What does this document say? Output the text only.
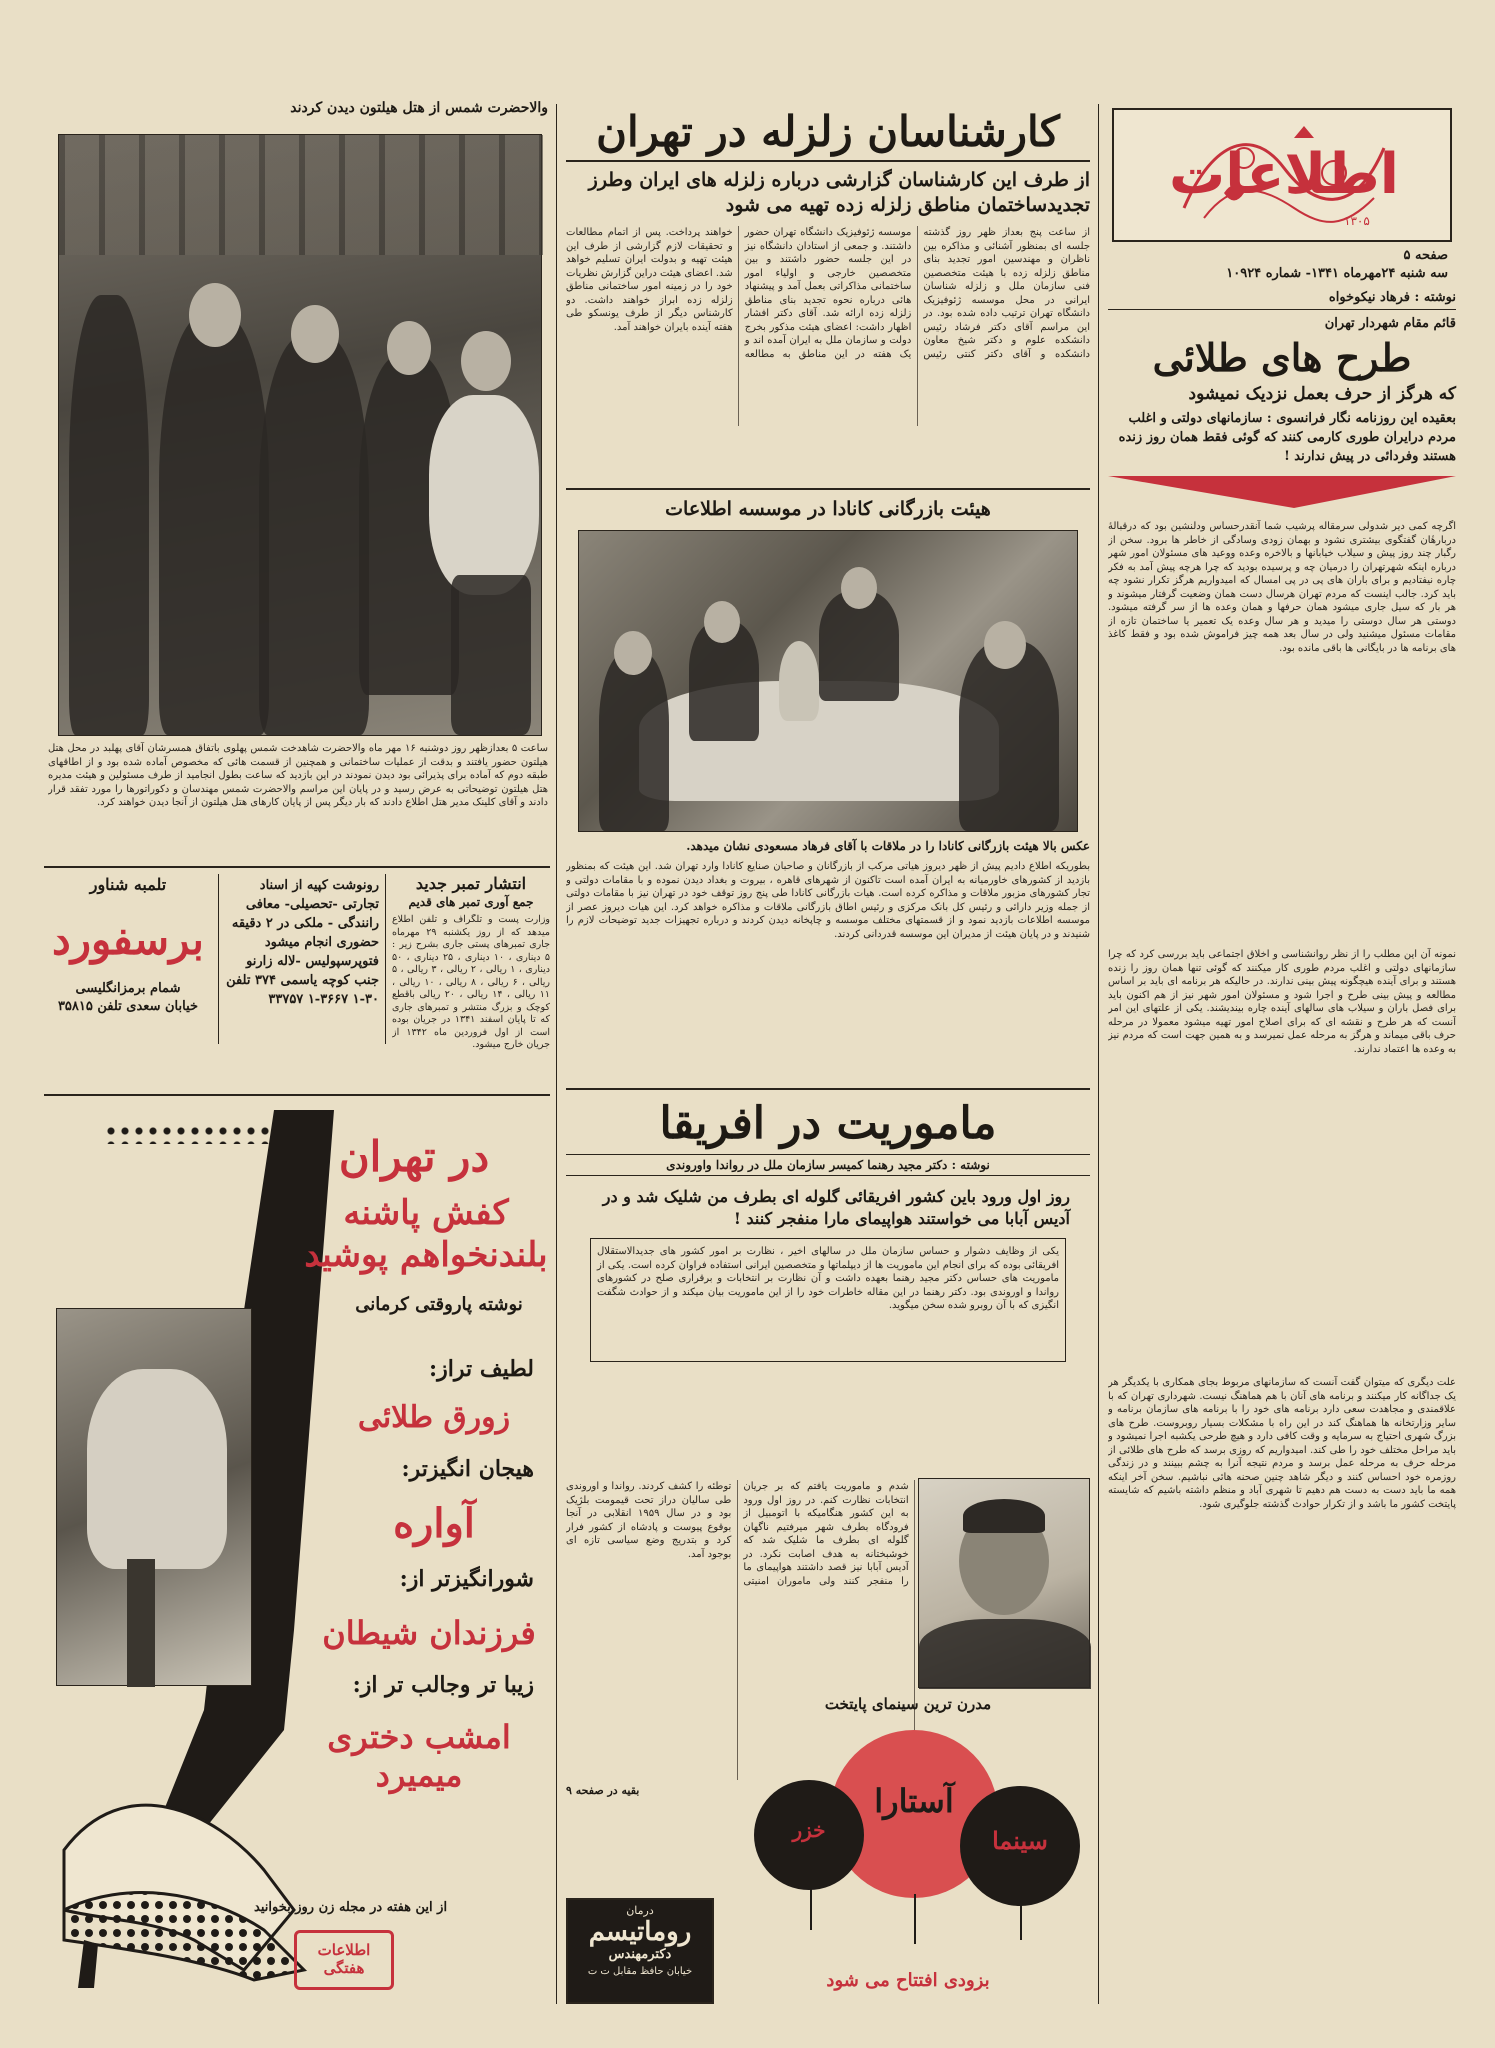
اطلاعات
۱۳۰۵
صفحه ۵
سه شنبه ۲۴مهرماه ۱۳۴۱- شماره ۱۰۹۲۴
نوشته : فرهاد نیکوخواه
قائم مقام شهردار تهران
طرح های طلائی
که هرگز از حرف بعمل نزدیک نمیشود
بعقیده این روزنامه نگار فرانسوی : سازمانهای دولتی و اغلب مردم درایران طوری کارمی کنند که گوئی فقط همان روز زنده هستند وفردائی در پیش ندارند !
اگرچه کمی دیر شدولی سرمقاله پرشیب شما آنقدرحساس ودلنشین بود که درقبالهٔ دربارهٔان گفتگوی بیشتری نشود و بهمان زودی وسادگی از خاطر ها برود. سخن از رگبار چند روز پیش و سیلاب خیابانها و بالاخره وعده ووعید های مسئولان امور شهر درباره اینکه شهرتهران را درمیان چه و پرسیده بودید که چرا هرچه پیش آمد به فکر چاره نیفتادیم و برای باران های پی در پی امسال که امیدواریم هرگز تکرار نشود چه باید کرد. جالب اینست که مردم تهران هرسال دست همان وضعیت گرفتار میشوند و هر بار که سیل جاری میشود همان حرفها و همان وعده ها از سر گرفته میشود. دوستی هر سال دوستی را میدید و هر سال وعده یک تعمیر یا ساختمان تازه از مقامات مسئول میشنید ولی در سال بعد همه چیز فراموش شده بود و فقط کاغذ های برنامه ها در بایگانی ها باقی مانده بود.
نمونه آن این مطلب را از نظر روانشناسی و اخلاق اجتماعی باید بررسی کرد که چرا سازمانهای دولتی و اغلب مردم طوری کار میکنند که گوئی تنها همان روز را زنده هستند و برای آینده هیچگونه پیش بینی ندارند. در حالیکه هر برنامه ای باید بر اساس مطالعه و پیش بینی طرح و اجرا شود و مسئولان امور شهر نیز از هم اکنون باید برای فصل باران و سیلاب های سالهای آینده چاره بیندیشند. یکی از علتهای این امر آنست که هر طرح و نقشه ای که برای اصلاح امور تهیه میشود معمولا در مرحله حرف باقی میماند و هرگز به مرحله عمل نمیرسد و به همین جهت است که مردم نیز به وعده ها اعتماد ندارند.
علت دیگری که میتوان گفت آنست که سازمانهای مربوط بجای همکاری با یکدیگر هر یک جداگانه کار میکنند و برنامه های آنان با هم هماهنگ نیست. شهرداری تهران که با علاقمندی و مجاهدت سعی دارد برنامه های خود را با برنامه های سازمان برنامه و سایر وزارتخانه ها هماهنگ کند در این راه با مشکلات بسیار روبروست. طرح های بزرگ شهری احتیاج به سرمایه و وقت کافی دارد و هیچ طرحی یکشبه اجرا نمیشود و باید مراحل مختلف خود را طی کند. امیدواریم که روزی برسد که طرح های طلائی از مرحله حرف به مرحله عمل برسد و مردم نتیجه آنرا به چشم ببینند و در زندگی روزمره خود احساس کنند و دیگر شاهد چنین صحنه هائی نباشیم. سخن آخر اینکه همه ما باید دست به دست هم دهیم تا شهری آباد و منظم داشته باشیم که شایسته پایتخت کشور ما باشد و از تکرار حوادث گذشته جلوگیری شود.
کارشناسان زلزله در تهران
از طرف این کارشناسان گزارشی درباره زلزله های ایران وطرز تجدیدساختمان مناطق زلزله زده تهیه می شود
از ساعت پنج بعداز ظهر روز گذشته جلسه ای بمنظور آشنائی و مذاکره بین ناظران و مهندسین امور تجدید بنای مناطق زلزله زده با هیئت متخصصین فنی سازمان ملل و زلزله شناسان ایرانی در محل موسسه ژئوفیزیک دانشگاه تهران ترتیب داده شده بود. در این مراسم آقای دکتر فرشاد رئیس دانشکده علوم و دکتر شیخ معاون دانشکده و آقای دکتر کنتی رئیس موسسه ژئوفیزیک دانشگاه تهران حضور داشتند. و جمعی از استادان دانشگاه نیز در این جلسه حضور داشتند و بین متخصصین خارجی و اولیاء امور ساختمانی مذاکراتی بعمل آمد و پیشنهاد هائی درباره نحوه تجدید بنای مناطق زلزله زده ارائه شد. آقای دکتر افشار اظهار داشت: اعضای هیئت مذکور بخرج دولت و سازمان ملل به ایران آمده اند و یک هفته در این مناطق به مطالعه خواهند پرداخت. پس از اتمام مطالعات و تحقیقات لازم گزارشی از طرف این هیئت تهیه و بدولت ایران تسلیم خواهد شد. اعضای هیئت دراین گزارش نظریات خود را در زمینه امور ساختمانی مناطق زلزله زده ابراز خواهند داشت. دو کارشناس دیگر از طرف یونسکو طی هفته آینده بایران خواهند آمد.
هیئت بازرگانی کانادا در موسسه اطلاعات
عکس بالا هیئت بازرگانی کانادا را در ملاقات با آقای فرهاد مسعودی نشان میدهد.
بطوریکه اطلاع دادیم پیش از ظهر دیروز هیاتی مرکب از بازرگانان و صاحبان صنایع کانادا وارد تهران شد. این هیئت که بمنظور بازدید از کشورهای خاورمیانه به ایران آمده است تاکنون از شهرهای قاهره ، بیروت و بغداد دیدن نموده و با مقامات دولتی و تجار کشورهای مزبور ملاقات و مذاکره کرده است. هیات بازرگانی کانادا طی پنج روز توقف خود در تهران نیز با مقامات دولتی از جمله وزیر دارائی و رئیس کل بانک مرکزی و رئیس اطاق بازرگانی ملاقات و مذاکره خواهد کرد. این هیات دیروز عصر از موسسه اطلاعات بازدید نمود و از قسمتهای مختلف موسسه و چاپخانه دیدن کردند و درباره تجهیزات جدید توضیحات لازم را شنیدند و در پایان هیئت از مدیران این موسسه قدردانی کردند.
ماموریت در افریقا
نوشته : دکتر مجید رهنما کمیسر سازمان ملل در رواندا واوروندی
روز اول ورود باین کشور افریقائی گلوله ای بطرف من شلیک شد و در آدیس آبابا می خواستند هواپیمای مارا منفجر کنند !
یکی از وظایف دشوار و حساس سازمان ملل در سالهای اخیر ، نظارت بر امور کشور های جدیدالاستقلال افریقائی بوده که برای انجام این ماموریت ها از دیپلماتها و متخصصین ایرانی استفاده فراوان کرده است. یکی از ماموریت های حساس دکتر مجید رهنما بعهده داشت و آن نظارت بر انتخابات و برقراری صلح در کشورهای رواندا و اوروندی بود. دکتر رهنما در این مقاله خاطرات خود را از این ماموریت بیان میکند و از حوادث شگفت انگیزی که با آن روبرو شده سخن میگوید.
شدم و ماموریت یافتم که بر جریان انتخابات نظارت کنم. در روز اول ورود به این کشور هنگامیکه با اتومبیل از فرودگاه بطرف شهر میرفتیم ناگهان گلوله ای بطرف ما شلیک شد که خوشبختانه به هدف اصابت نکرد. در آدیس آبابا نیز قصد داشتند هواپیمای ما را منفجر کنند ولی ماموران امنیتی توطئه را کشف کردند. رواندا و اوروندی طی سالیان دراز تحت قیمومت بلژیک بود و در سال ۱۹۵۹ انقلابی در آنجا بوقوع پیوست و پادشاه از کشور فرار کرد و بتدریج وضع سیاسی تازه ای بوجود آمد.
بقیه در صفحه ۹
مدرن ترین سینمای پایتخت
آستارا
خزر	سینما
بزودی افتتاح می شود
درمان
روماتیسم
دکترمهندس
خیابان حافظ مقابل ت ت
والاحضرت شمس از هتل هیلتون دیدن کردند
ساعت ۵ بعدازظهر روز دوشنبه ۱۶ مهر ماه والاحضرت شاهدخت شمس پهلوی باتفاق همسرشان آقای پهلبد در محل هتل هیلتون حضور یافتند و بدقت از عملیات ساختمانی و همچنین از قسمت هائی که مخصوص آماده شده بود و از اطاقهای طبقه دوم که آماده برای پذیرائی بود دیدن نمودند در این بازدید که ساعت بطول انجامید از طرف مسئولین و هیئت مدیره هتل هیلتون توضیحاتی به عرض رسید و در پایان این مراسم والاحضرت شمس مهندسان و دکوراتورها را مورد تفقد قرار دادند و آقای کلینک مدیر هتل اطلاع دادند که بار دیگر پس از پایان کارهای هتل هیلتون از آنجا دیدن خواهند کرد.
انتشار تمبر جدید
جمع آوری تمبر های قدیم
وزارت پست و تلگراف و تلفن اطلاع میدهد که از روز یکشنبه ۲۹ مهرماه جاری تمبرهای پستی جاری بشرح زیر : ۵ دیناری ، ۱۰ دیناری ، ۲۵ دیناری ، ۵۰ دیناری ، ۱ ریالی ، ۲ ریالی ، ۳ ریالی ، ۵ ریالی ، ۶ ریالی ، ۸ ریالی ، ۱۰ ریالی ، ۱۱ ریالی ، ۱۴ ریالی ، ۲۰ ریالی باقطع کوچک و بزرگ منتشر و تمبرهای جاری که تا پایان اسفند ۱۳۴۱ در جریان بوده است از اول فروردین ماه ۱۳۴۲ از جریان خارج میشود.
رونوشت کپیه از اسناد
تجارتی -تحصیلی- معافی
رانندگی - ملکی در ۲ دقیقه
حضوری انجام میشود
فتوپرسپولیس -لاله زارنو
جنب کوچه یاسمی ۳۷۴ تلفن
۳۳۷۵۷ ۱-۳۶۶۷ ۱-۳۰
تلمبه شناور
برسفورد
شمام برمزانگلیسی
خیابان سعدی تلفن ۳۵۸۱۵
در تهران
کفش پاشنه بلندنخواهم پوشید
نوشته پاروقتی کرمانی
لطیف تراز:
زورق طلائی
هیجان انگیزتر:
آواره
شورانگیزتر از:
فرزندان شیطان
زیبا تر وجالب تر از:
امشب دختری میمیرد
از این هفته در مجله زن روز بخوانید
اطلاعات هفتگی
